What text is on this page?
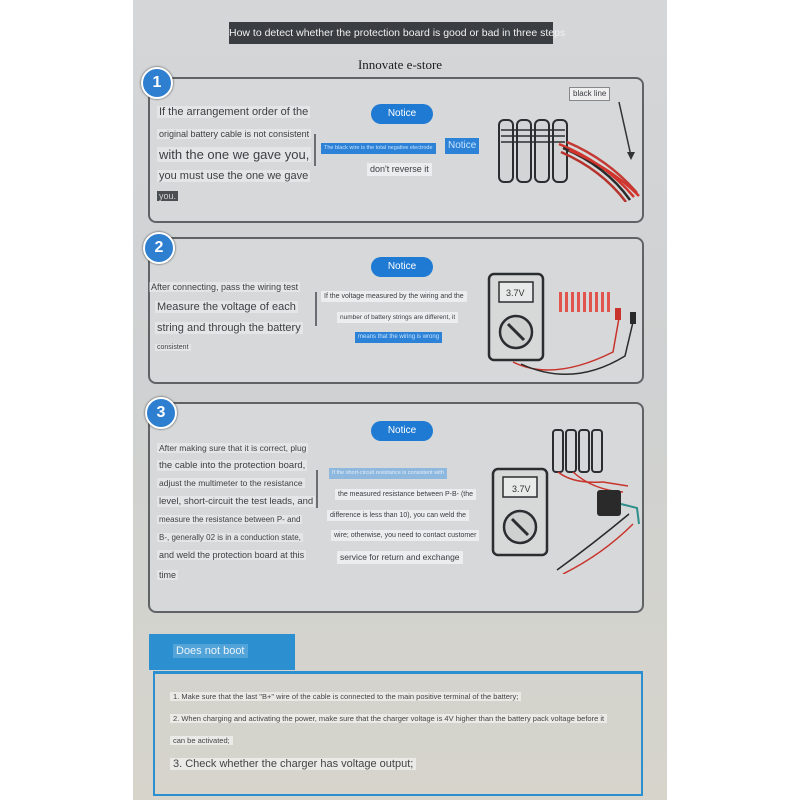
How to detect whether the protection board is good or bad in three steps
Innovate e-store
1
If the arrangement order of the
original battery cable is not consistent
with the one we gave you,
you must use the one we gave
you.
Notice
The black wire is the total negative electrode	Notice
don't reverse it
black line
2
After connecting, pass the wiring test
Measure the voltage of each
string and through the battery
consistent
Notice
If the voltage measured by the wiring and the
number of battery strings are different, it
means that the wiring is wrong
3.7V
3
After making sure that it is correct, plug
the cable into the protection board,
adjust the multimeter to the resistance
level, short-circuit the test leads, and
measure the resistance between P- and
B-, generally 02 is in a conduction state,
and weld the protection board at this
time
Notice
If the short-circuit resistance is consistent with
the measured resistance between P-B- (the
difference is less than 10), you can weld the
wire; otherwise, you need to contact customer
service for return and exchange
3.7V
Does not boot
1. Make sure that the last "B+" wire of the cable is connected to the main positive terminal of the battery;
2. When charging and activating the power, make sure that the charger voltage is 4V higher than the battery pack voltage before it
can be activated;
3. Check whether the charger has voltage output;
